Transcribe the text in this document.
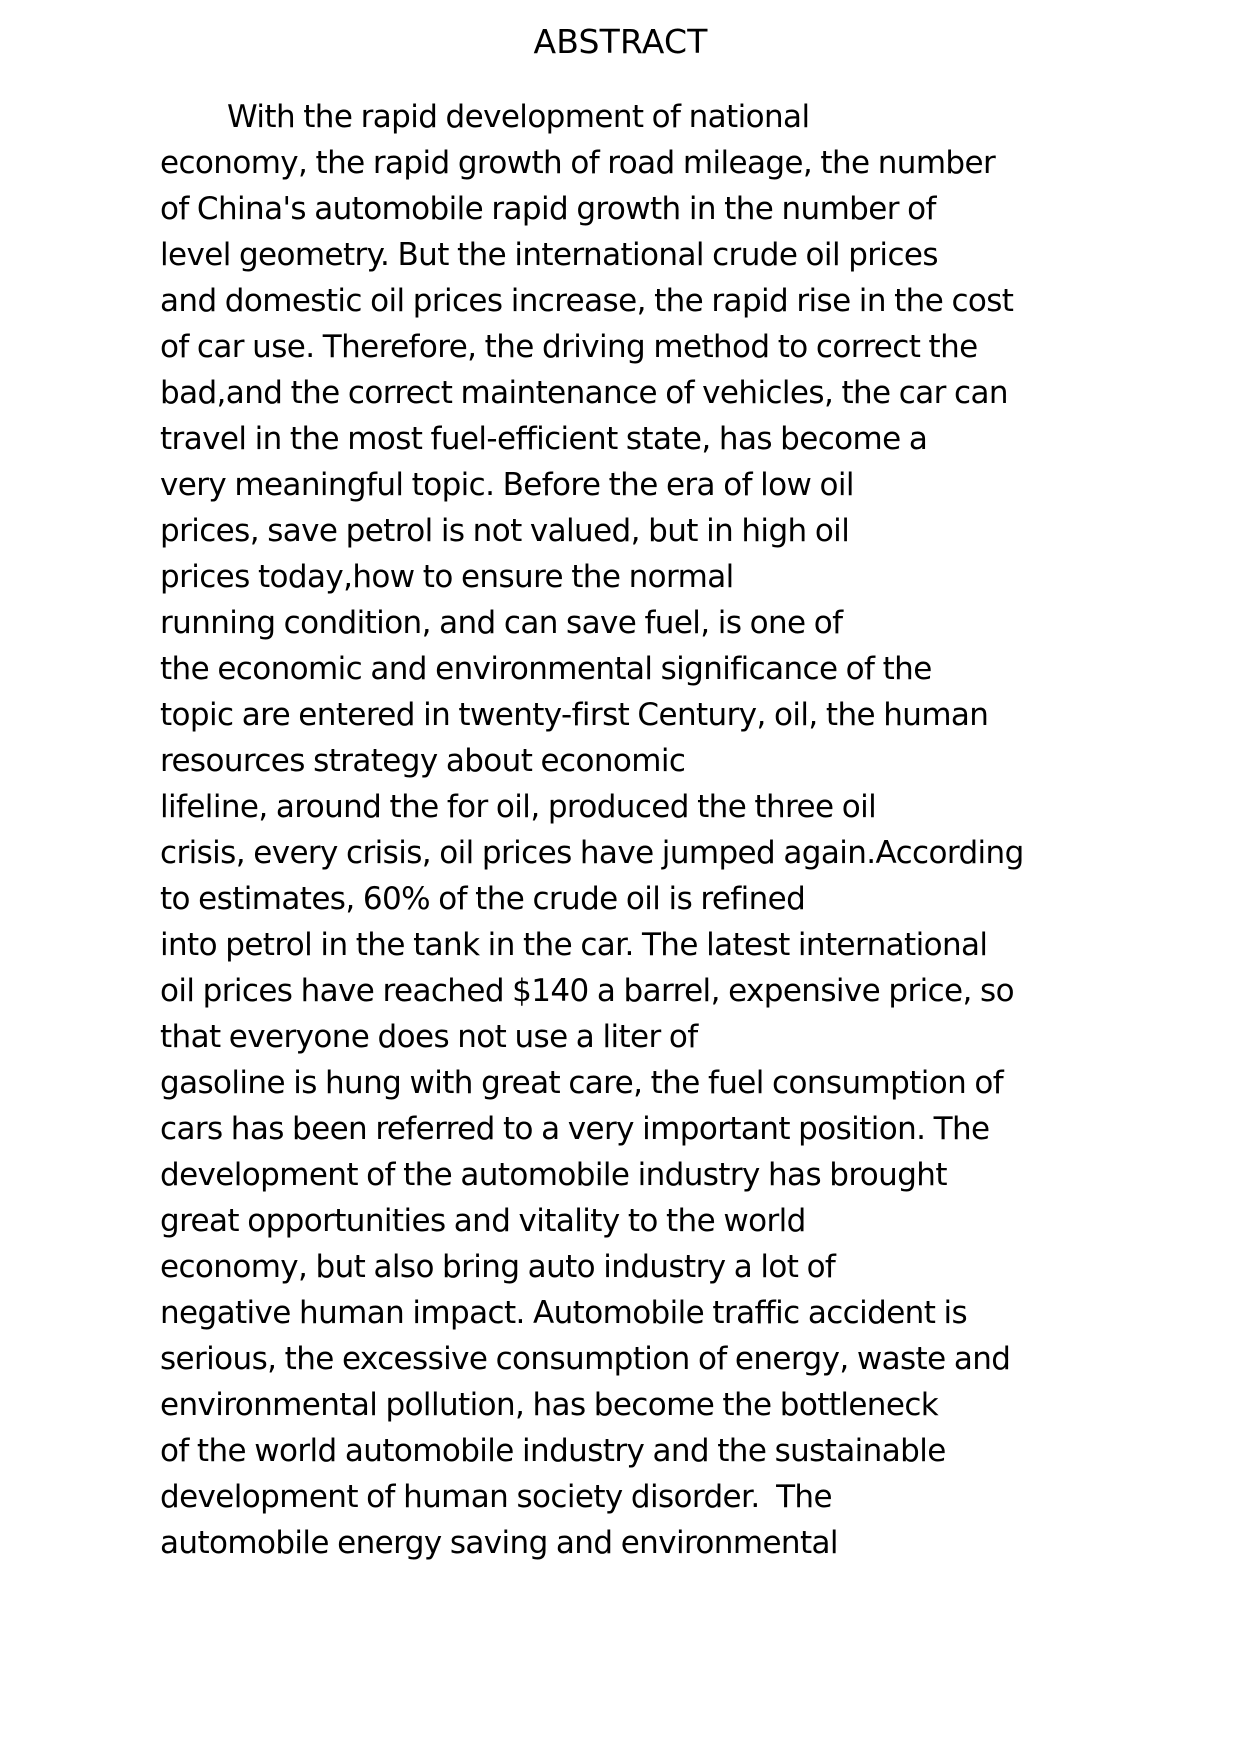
ABSTRACT
With the rapid development of national
economy, the rapid growth of road mileage, the number
of China's automobile rapid growth in the number of
level geometry. But the international crude oil prices
and domestic oil prices increase, the rapid rise in the cost
of car use. Therefore, the driving method to correct the
bad,and the correct maintenance of vehicles, the car can
travel in the most fuel-efficient state, has become a
very meaningful topic. Before the era of low oil
prices, save petrol is not valued, but in high oil
prices today,how to ensure the normal
running condition, and can save fuel, is one of
the economic and environmental significance of the
topic are entered in twenty-first Century, oil, the human
resources strategy about economic
lifeline, around the for oil, produced the three oil
crisis, every crisis, oil prices have jumped again.According
to estimates, 60% of the crude oil is refined
into petrol in the tank in the car. The latest international
oil prices have reached $140 a barrel, expensive price, so
that everyone does not use a liter of
gasoline is hung with great care, the fuel consumption of
cars has been referred to a very important position. The
development of the automobile industry has brought
great opportunities and vitality to the world
economy, but also bring auto industry a lot of
negative human impact. Automobile traffic accident is
serious, the excessive consumption of energy, waste and
environmental pollution, has become the bottleneck
of the world automobile industry and the sustainable
development of human society disorder.  The
automobile energy saving and environmental
